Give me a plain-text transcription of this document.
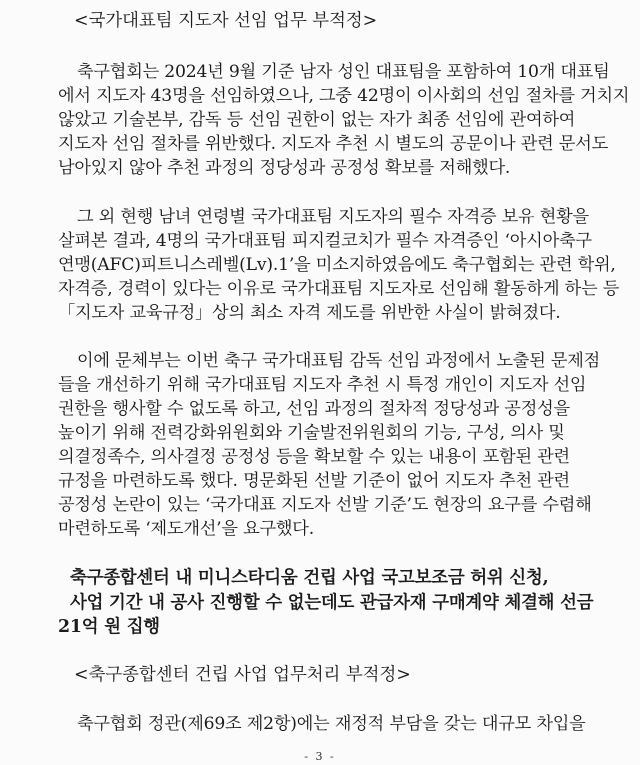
<국가대표팀 지도자 선임 업무 부적정>
축구협회는 2024년 9월 기준 남자 성인 대표팀을 포함하여 10개 대표팀
에서 지도자 43명을 선임하였으나, 그중 42명이 이사회의 선임 절차를 거치지
않았고 기술본부, 감독 등 선임 권한이 없는 자가 최종 선임에 관여하여
지도자 선임 절차를 위반했다. 지도자 추천 시 별도의 공문이나 관련 문서도
남아있지 않아 추천 과정의 정당성과 공정성 확보를 저해했다.
그 외 현행 남녀 연령별 국가대표팀 지도자의 필수 자격증 보유 현황을
살펴본 결과, 4명의 국가대표팀 피지컬코치가 필수 자격증인 ‘아시아축구
연맹(AFC)피트니스레벨(Lv).1’을 미소지하였음에도 축구협회는 관련 학위,
자격증, 경력이 있다는 이유로 국가대표팀 지도자로 선임해 활동하게 하는 등
「지도자 교육규정」상의 최소 자격 제도를 위반한 사실이 밝혀졌다.
이에 문체부는 이번 축구 국가대표팀 감독 선임 과정에서 노출된 문제점
들을 개선하기 위해 국가대표팀 지도자 추천 시 특정 개인이 지도자 선임
권한을 행사할 수 없도록 하고, 선임 과정의 절차적 정당성과 공정성을
높이기 위해 전력강화위원회와 기술발전위원회의 기능, 구성, 의사 및
의결정족수, 의사결정 공정성 등을 확보할 수 있는 내용이 포함된 관련
규정을 마련하도록 했다. 명문화된 선발 기준이 없어 지도자 추천 관련
공정성 논란이 있는 ‘국가대표 지도자 선발 기준’도 현장의 요구를 수렴해
마련하도록 ‘제도개선’을 요구했다.
축구종합센터 내 미니스타디움 건립 사업 국고보조금 허위 신청,
사업 기간 내 공사 진행할 수 없는데도 관급자재 구매계약 체결해 선금
21억 원 집행
<축구종합센터 건립 사업 업무처리 부적정>
축구협회 정관(제69조 제2항)에는 재정적 부담을 갖는 대규모 차입을
- 3 -
